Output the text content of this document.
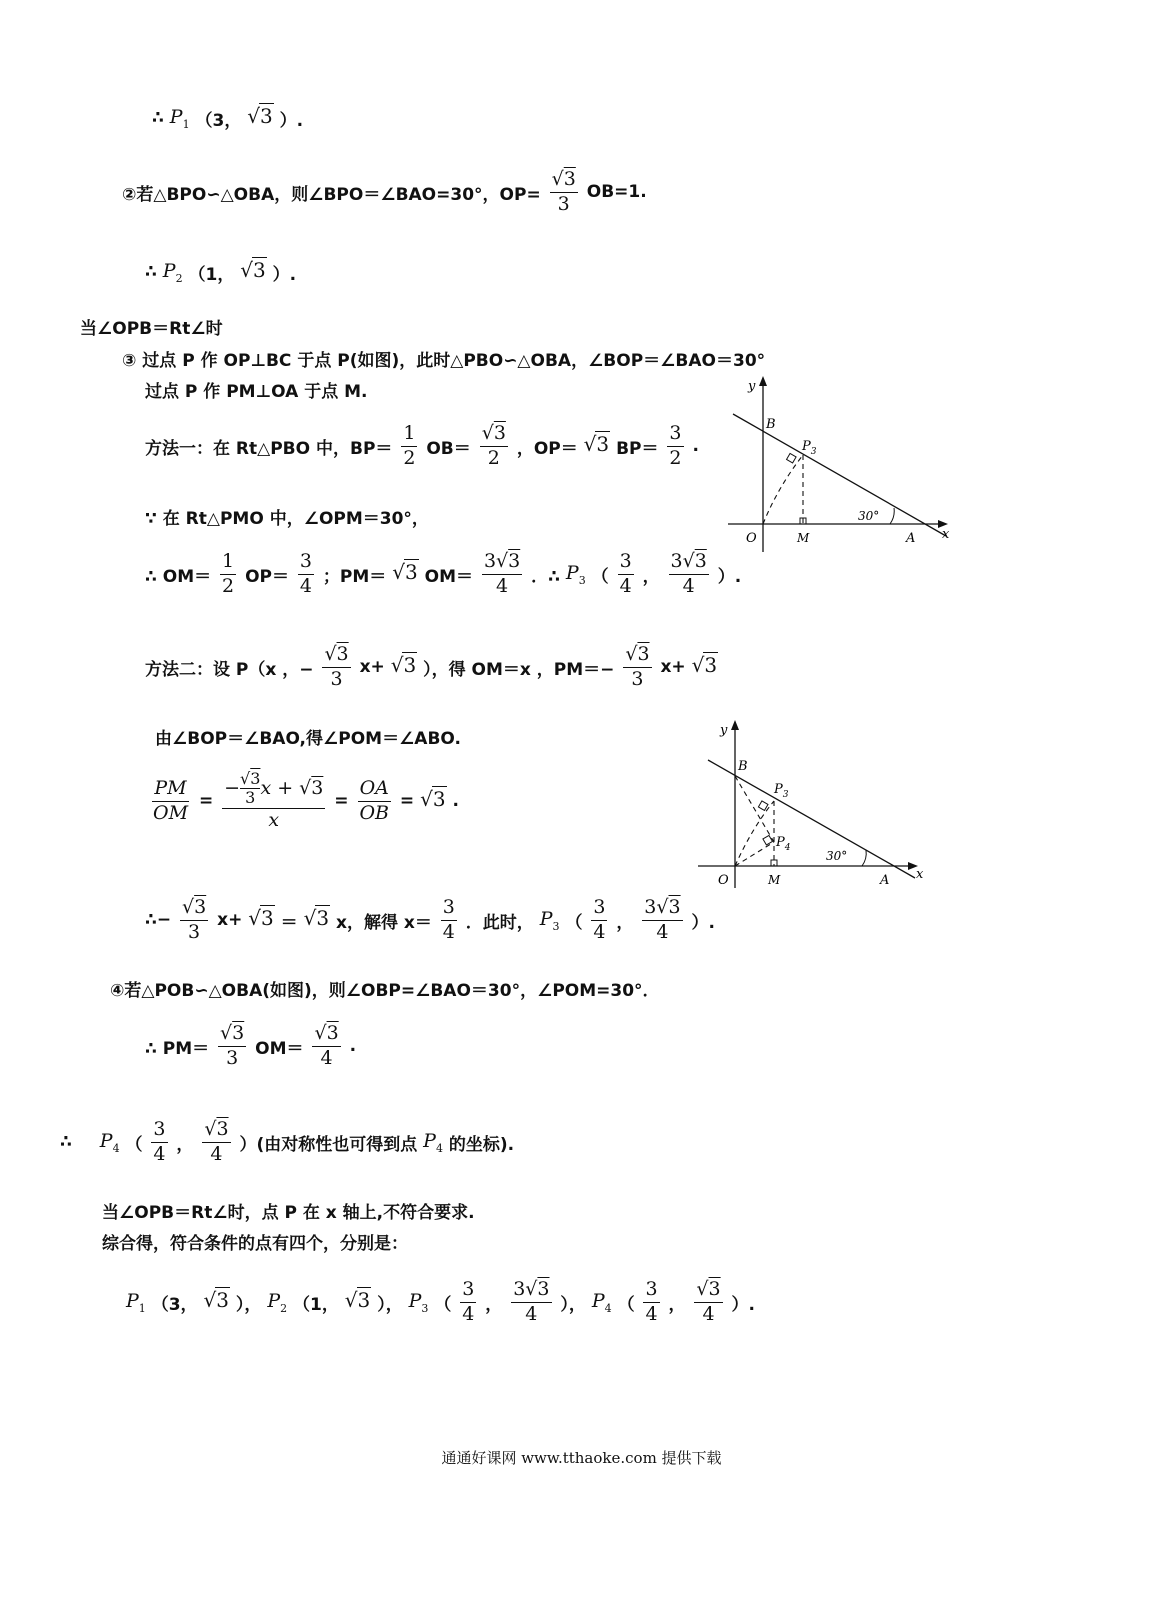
∴ $P_1$ （3， √3 ）.
②若△BPO∽△OBA，则∠BPO＝∠BAO=30°，$OP= \frac{√3}{3} OB=1$.
∴ $P_2$ （1， √3 ）.
当∠OPB＝Rt∠时
③ 过点 P 作 OP⊥BC 于点 P(如图)，此时△PBO∽△OBA，∠BOP＝∠BAO＝30°
过点 P 作 PM⊥OA 于点 M.
方法一：在 Rt△PBO 中，$BP= \frac{1}{2} OB= \frac{√3}{2}$ ，OP＝ √3 $BP= \frac{3}{2}$ .
∵ 在 Rt△PMO 中，∠OPM＝30°，
∴ $OM= \frac{1}{2} OP= \frac{3}{4}$ ；PM＝ √3 $OM= \frac{3√3}{4}$ ．∴ $P_3$ （ $\frac{3}{4}$ ， $\frac{3√3}{4}$ ）.
方法二：设 P（x ，− $\frac{√3}{3} x+ √3$ ），得 OM＝x ，$PM=- \frac{√3}{3} x+ √3$
由∠BOP＝∠BAO,得∠POM＝∠ABO.
$\frac{PM}{OM} = \frac{- \frac{√3}{3} x + √3}{x} = \frac{OA}{OB} = √3$ .
∴− $\frac{√3}{3} x+ √3 = √3$ x，解得 $x= \frac{3}{4}$ ．此时， $P_3$ （ $\frac{3}{4}$ ， $\frac{3√3}{4}$ ）.
④若△POB∽△OBA(如图)，则∠OBP=∠BAO＝30°，∠POM=30°．
∴ $PM= \frac{√3}{3} OM= \frac{√3}{4}$ .
∴ $P_4$ （ $\frac{3}{4}$ ， $\frac{√3}{4}$ ）(由对称性也可得到点 $P_4$ 的坐标).
当∠OPB＝Rt∠时，点 P 在 x 轴上,不符合要求.
综合得，符合条件的点有四个，分别是：
$P_1$ （3， √3 ）， $P_2$ （1， √3 ）， $P_3$ （ $\frac{3}{4}$ ， $\frac{3√3}{4}$ ）， $P_4$ （ $\frac{3}{4}$ ， $\frac{√3}{4}$ ）.
y
x
B
$P_3$
O	M	A
30°
y
x
B
$P_3$
$P_4$
O	M	A
30°
通通好课网 www.tthaoke.com 提供下载
